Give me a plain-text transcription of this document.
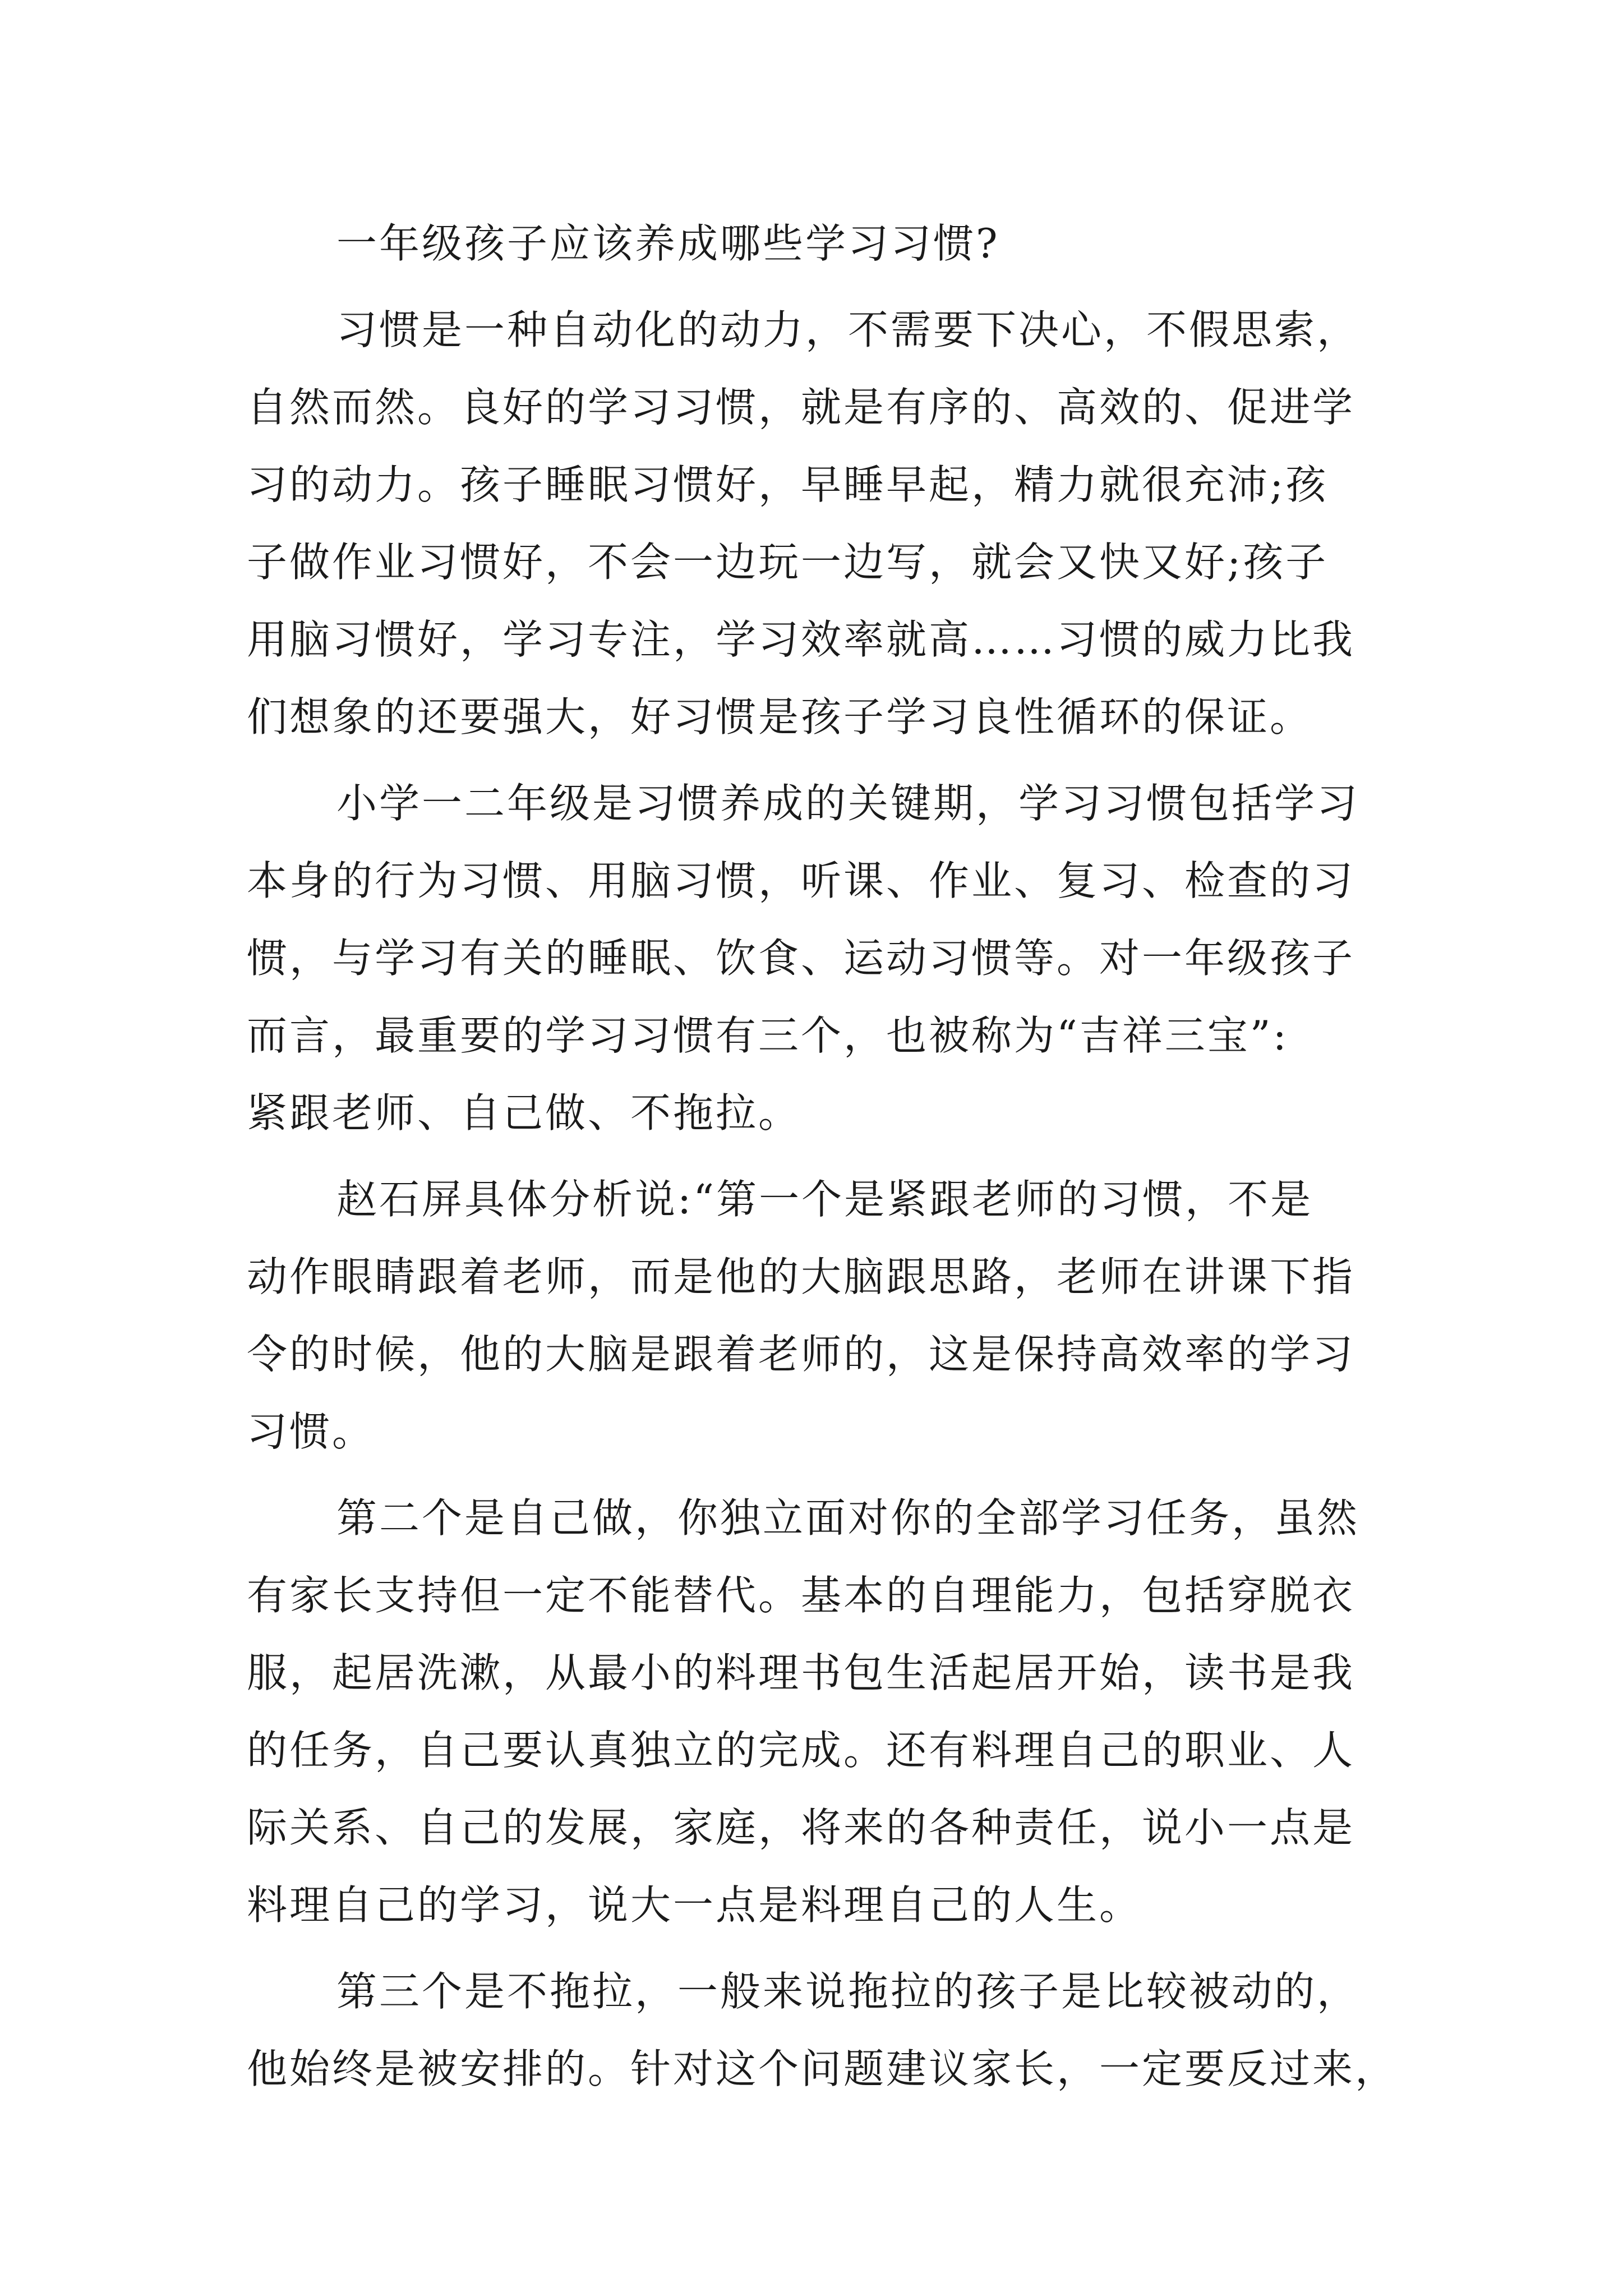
一年级孩子应该养成哪些学习习惯?
习惯是一种自动化的动力，不需要下决心，不假思索，
自然而然。良好的学习习惯，就是有序的、高效的、促进学
习的动力。孩子睡眠习惯好，早睡早起，精力就很充沛;孩
子做作业习惯好，不会一边玩一边写，就会又快又好;孩子
用脑习惯好，学习专注，学习效率就高……习惯的威力比我
们想象的还要强大，好习惯是孩子学习良性循环的保证。
小学一二年级是习惯养成的关键期，学习习惯包括学习
本身的行为习惯、用脑习惯，听课、作业、复习、检查的习
惯，与学习有关的睡眠、饮食、运动习惯等。对一年级孩子
而言，最重要的学习习惯有三个，也被称为“吉祥三宝”:
紧跟老师、自己做、不拖拉。
赵石屏具体分析说:“第一个是紧跟老师的习惯，不是
动作眼睛跟着老师，而是他的大脑跟思路，老师在讲课下指
令的时候，他的大脑是跟着老师的，这是保持高效率的学习
习惯。
第二个是自己做，你独立面对你的全部学习任务，虽然
有家长支持但一定不能替代。基本的自理能力，包括穿脱衣
服，起居洗漱，从最小的料理书包生活起居开始，读书是我
的任务，自己要认真独立的完成。还有料理自己的职业、人
际关系、自己的发展，家庭，将来的各种责任，说小一点是
料理自己的学习，说大一点是料理自己的人生。
第三个是不拖拉，一般来说拖拉的孩子是比较被动的，
他始终是被安排的。针对这个问题建议家长，一定要反过来，
